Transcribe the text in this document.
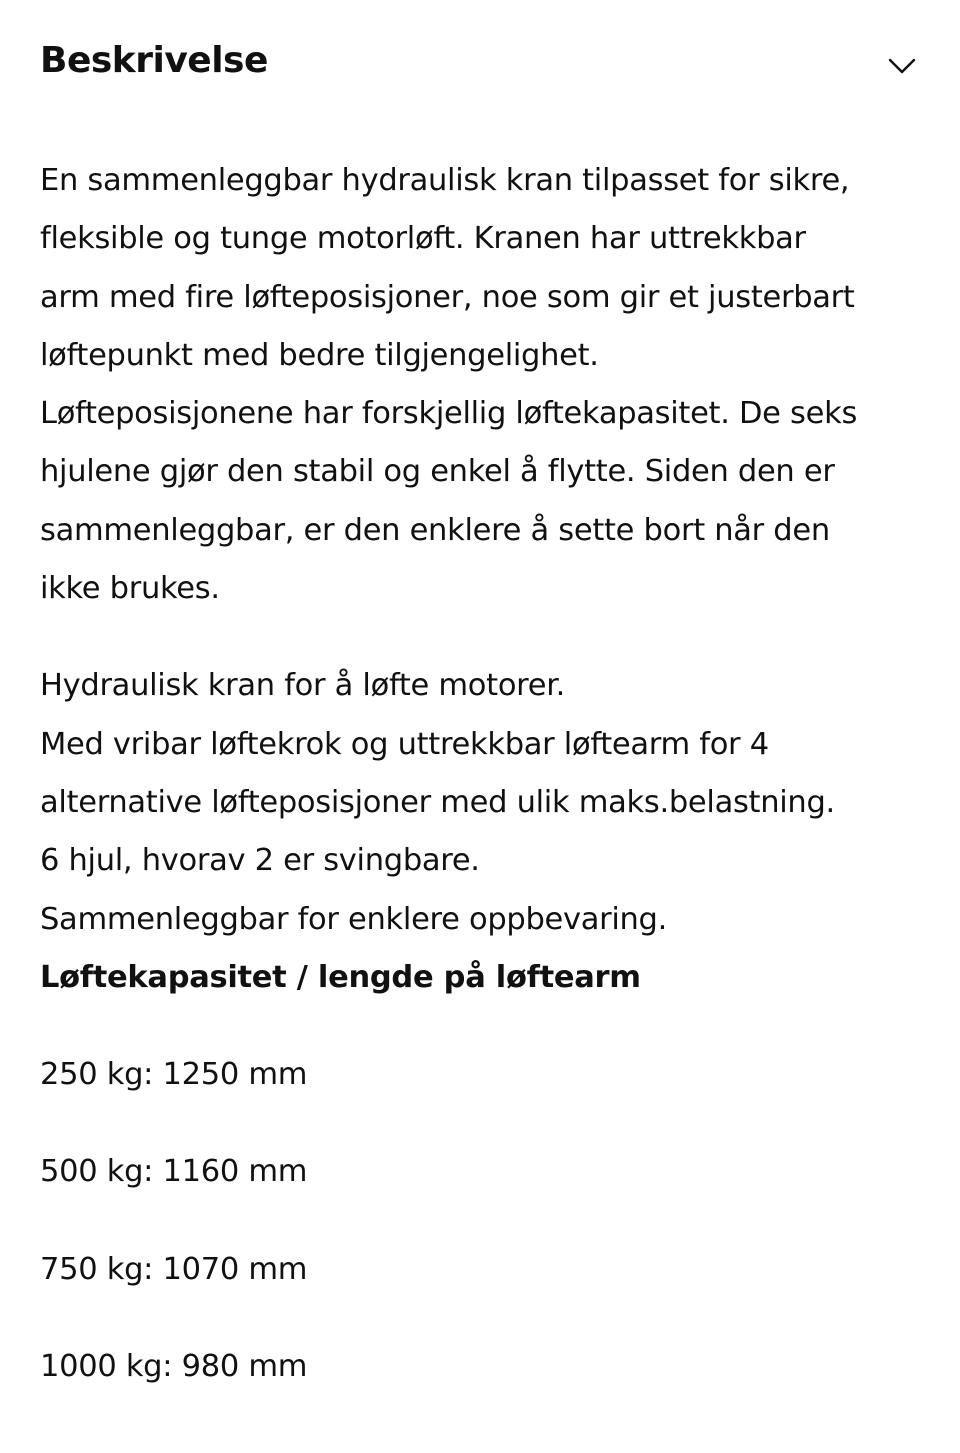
Beskrivelse

En sammenleggbar hydraulisk kran tilpasset for sikre,
fleksible og tunge motorløft. Kranen har uttrekkbar
arm med fire løfteposisjoner, noe som gir et justerbart
løftepunkt med bedre tilgjengelighet.
Løfteposisjonene har forskjellig løftekapasitet. De seks
hjulene gjør den stabil og enkel å flytte. Siden den er
sammenleggbar, er den enklere å sette bort når den
ikke brukes.

Hydraulisk kran for å løfte motorer.
Med vribar løftekrok og uttrekkbar løftearm for 4
alternative løfteposisjoner med ulik maks.belastning.
6 hjul, hvorav 2 er svingbare.
Sammenleggbar for enklere oppbevaring.
Løftekapasitet / lengde på løftearm

250 kg: 1250 mm
500 kg: 1160 mm
750 kg: 1070 mm
1000 kg: 980 mm
